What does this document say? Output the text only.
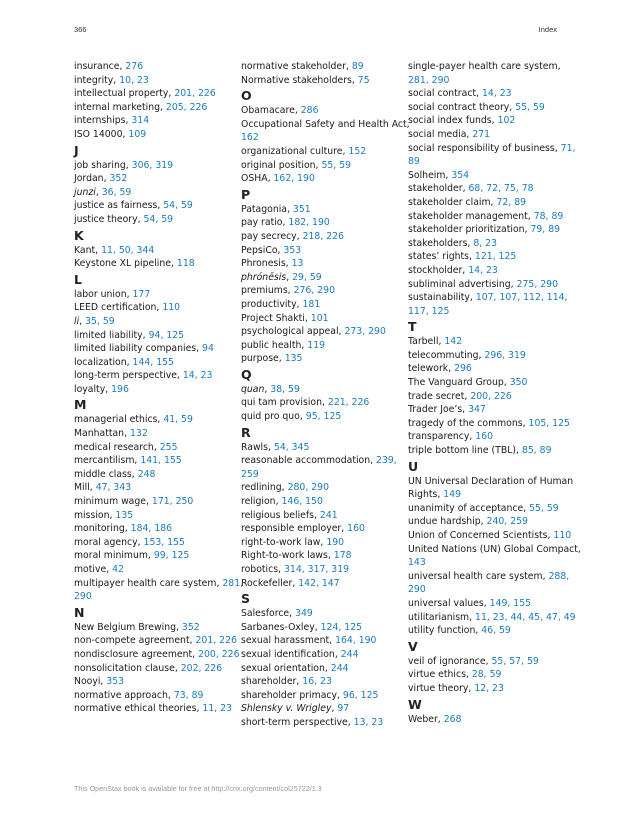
366	Index
insurance, 276
integrity, 10, 23
intellectual property, 201, 226
internal marketing, 205, 226
internships, 314
ISO 14000, 109
J
job sharing, 306, 319
Jordan, 352
junzi, 36, 59
justice as fairness, 54, 59
justice theory, 54, 59
K
Kant, 11, 50, 344
Keystone XL pipeline, 118
L
labor union, 177
LEED certification, 110
li, 35, 59
limited liability, 94, 125
limited liability companies, 94
localization, 144, 155
long-term perspective, 14, 23
loyalty, 196
M
managerial ethics, 41, 59
Manhattan, 132
medical research, 255
mercantilism, 141, 155
middle class, 248
Mill, 47, 343
minimum wage, 171, 250
mission, 135
monitoring, 184, 186
moral agency, 153, 155
moral minimum, 99, 125
motive, 42
multipayer health care system, 281, 290
N
New Belgium Brewing, 352
non-compete agreement, 201, 226
nondisclosure agreement, 200, 226
nonsolicitation clause, 202, 226
Nooyi, 353
normative approach, 73, 89
normative ethical theories, 11, 23
normative stakeholder, 89
Normative stakeholders, 75
O
Obamacare, 286
Occupational Safety and Health Act, 162
organizational culture, 152
original position, 55, 59
OSHA, 162, 190
P
Patagonia, 351
pay ratio, 182, 190
pay secrecy, 218, 226
PepsiCo, 353
Phronesis, 13
phrónēsis, 29, 59
premiums, 276, 290
productivity, 181
Project Shakti, 101
psychological appeal, 273, 290
public health, 119
purpose, 135
Q
quan, 38, 59
qui tam provision, 221, 226
quid pro quo, 95, 125
R
Rawls, 54, 345
reasonable accommodation, 239, 259
redlining, 280, 290
religion, 146, 150
religious beliefs, 241
responsible employer, 160
right-to-work law, 190
Right-to-work laws, 178
robotics, 314, 317, 319
Rockefeller, 142, 147
S
Salesforce, 349
Sarbanes-Oxley, 124, 125
sexual harassment, 164, 190
sexual identification, 244
sexual orientation, 244
shareholder, 16, 23
shareholder primacy, 96, 125
Shlensky v. Wrigley, 97
short-term perspective, 13, 23
single-payer health care system, 281, 290
social contract, 14, 23
social contract theory, 55, 59
social index funds, 102
social media, 271
social responsibility of business, 71, 89
Solheim, 354
stakeholder, 68, 72, 75, 78
stakeholder claim, 72, 89
stakeholder management, 78, 89
stakeholder prioritization, 79, 89
stakeholders, 8, 23
states’ rights, 121, 125
stockholder, 14, 23
subliminal advertising, 275, 290
sustainability, 107, 107, 112, 114, 117, 125
T
Tarbell, 142
telecommuting, 296, 319
telework, 296
The Vanguard Group, 350
trade secret, 200, 226
Trader Joe’s, 347
tragedy of the commons, 105, 125
transparency, 160
triple bottom line (TBL), 85, 89
U
UN Universal Declaration of Human Rights, 149
unanimity of acceptance, 55, 59
undue hardship, 240, 259
Union of Concerned Scientists, 110
United Nations (UN) Global Compact, 143
universal health care system, 288, 290
universal values, 149, 155
utilitarianism, 11, 23, 44, 45, 47, 49
utility function, 46, 59
V
veil of ignorance, 55, 57, 59
virtue ethics, 28, 59
virtue theory, 12, 23
W
Weber, 268
This OpenStax book is available for free at http://cnx.org/content/col25722/1.3
